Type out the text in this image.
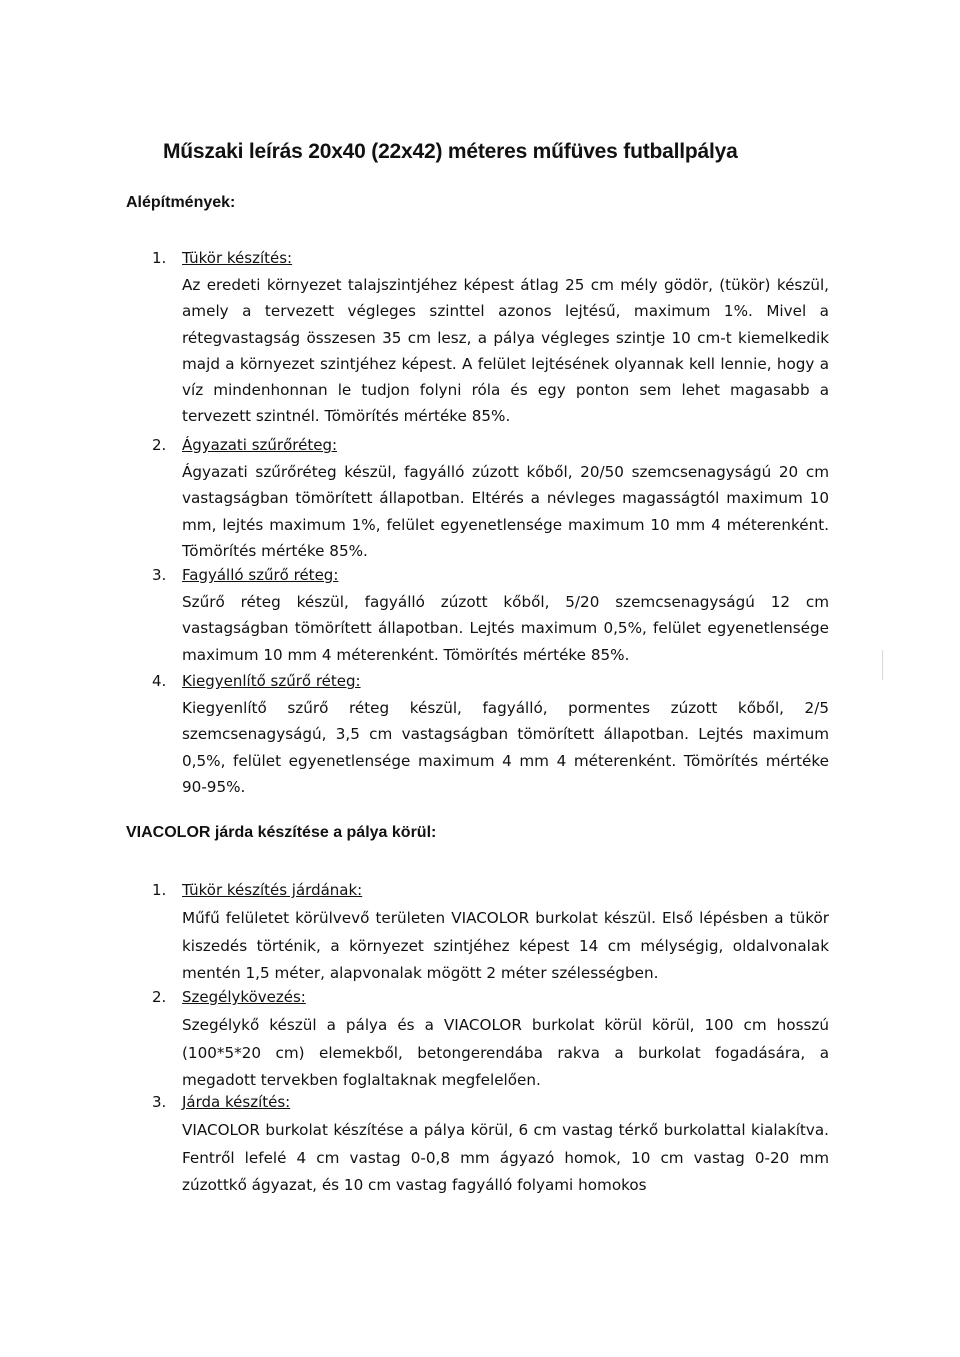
Műszaki leírás 20x40 (22x42) méteres műfüves futballpálya
Alépítmények:
1.	Tükör készítés:
Az eredeti környezet talajszintjéhez képest átlag 25 cm mély gödör, (tükör) készül, amely a tervezett végleges szinttel azonos lejtésű, maximum 1%. Mivel a rétegvastagság összesen 35 cm lesz, a pálya végleges szintje 10 cm-t kiemelkedik majd a környezet szintjéhez képest. A felület lejtésének olyannak kell lennie, hogy a víz mindenhonnan le tudjon folyni róla és egy ponton sem lehet magasabb a tervezett szintnél. Tömörítés mértéke 85%.
2.	Ágyazati szűrőréteg:
Ágyazati szűrőréteg készül, fagyálló zúzott kőből, 20/50 szemcsenagyságú 20 cm vastagságban tömörített állapotban. Eltérés a névleges magasságtól maximum 10 mm, lejtés maximum 1%, felület egyenetlensége maximum 10 mm 4 méterenként. Tömörítés mértéke 85%.
3.	Fagyálló szűrő réteg:
Szűrő réteg készül, fagyálló zúzott kőből, 5/20 szemcsenagyságú 12 cm vastagságban tömörített állapotban. Lejtés maximum 0,5%, felület egyenetlensége maximum 10 mm 4 méterenként. Tömörítés mértéke 85%.
4.	Kiegyenlítő szűrő réteg:
Kiegyenlítő szűrő réteg készül, fagyálló, pormentes zúzott kőből, 2/5 szemcsenagyságú, 3,5 cm vastagságban tömörített állapotban. Lejtés maximum 0,5%, felület egyenetlensége maximum 4 mm 4 méterenként. Tömörítés mértéke 90-95%.
VIACOLOR járda készítése a pálya körül:
1.	Tükör készítés járdának:
Műfű felületet körülvevő területen VIACOLOR burkolat készül. Első lépésben a tükör kiszedés történik, a környezet szintjéhez képest 14 cm mélységig, oldalvonalak mentén 1,5 méter, alapvonalak mögött 2 méter szélességben.
2.	Szegélykövezés:
Szegélykő készül a pálya és a VIACOLOR burkolat körül körül, 100 cm hosszú (100*5*20 cm) elemekből, betongerendába rakva a burkolat fogadására, a megadott tervekben foglaltaknak megfelelően.
3.	Járda készítés:
VIACOLOR burkolat készítése a pálya körül, 6 cm vastag térkő burkolattal kialakítva. Fentről lefelé 4 cm vastag 0-0,8 mm ágyazó homok, 10 cm vastag 0-20 mm zúzottkő ágyazat, és 10 cm vastag fagyálló folyami homokos
